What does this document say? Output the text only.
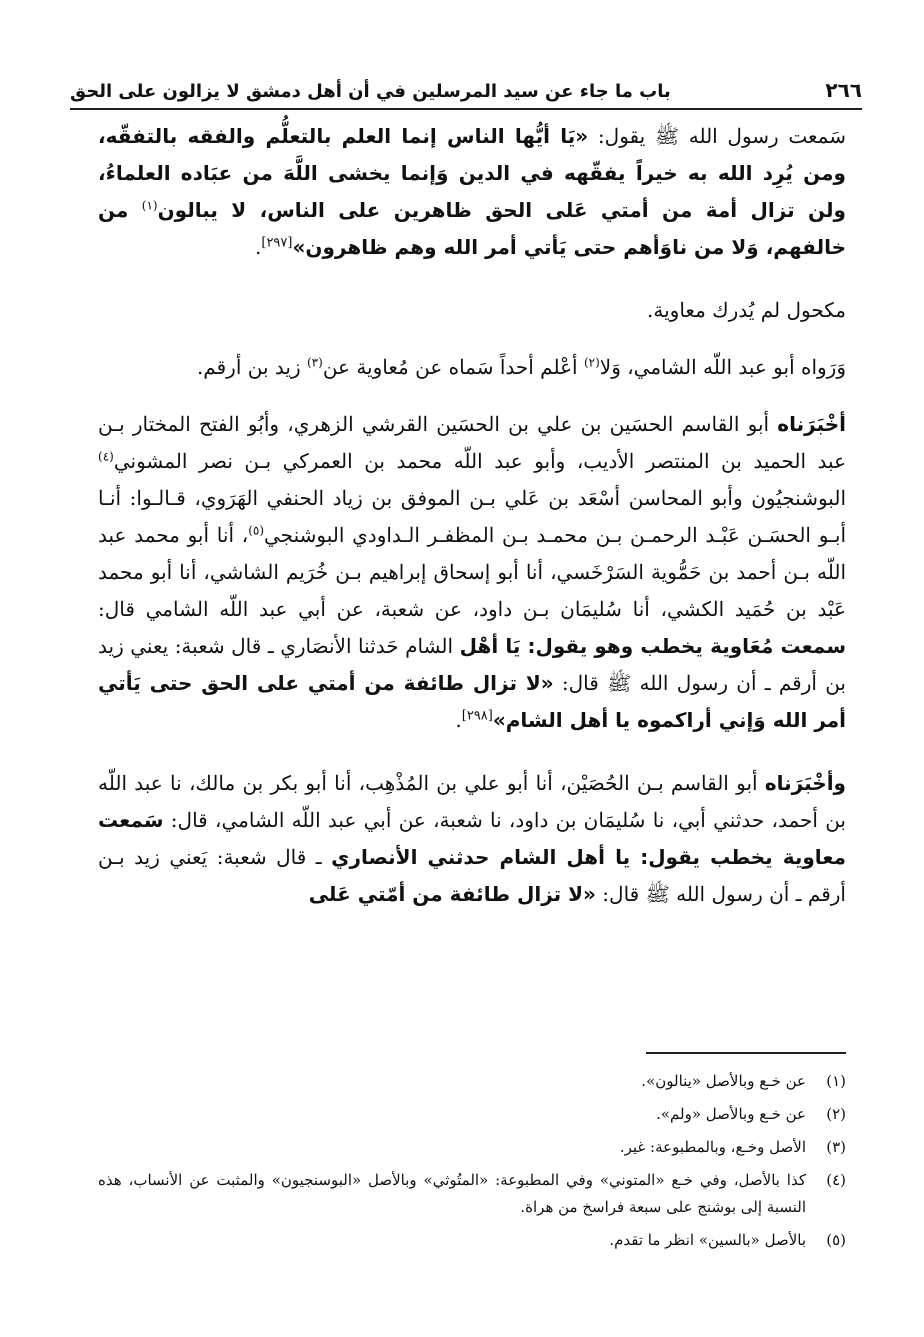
٢٦٦
باب ما جاء عن سيد المرسلين في أن أهل دمشق لا يزالون على الحق

سَمعت رسول الله ﷺ يقول: «يَا أيُّها الناس إنما العلم بالتعلُّم والفقه بالتفقّه، ومن يُرِد الله به خيراً يفقّهه في الدين وَإنما يخشى اللَّهَ من عبَاده العلماءُ، ولن تزال أمة من أمتي عَلى الحق ظاهرين على الناس، لا يبالون$^{(١)}$ من خالفهم، وَلا من ناوَأهم حتى يَأتي أمر الله وهم ظاهرون»[٢٩٧].

مكحول لم يُدرك معاوية.

وَرَواه أبو عبد اللّه الشامي، وَلا$^{(٢)}$ أعْلم أحداً سَماه عن مُعاوية عن$^{(٣)}$ زيد بن أرقم.

أخْبَرَناه أبو القاسم الحسَين بن علي بن الحسَين القرشي الزهري، وأبُو الفتح المختار بـن عبد الحميد بن المنتصر الأديب، وأبو عبد اللّه محمد بن العمركي بـن نصر المشوني$^{(٤)}$ البوشنجيُون وأبو المحاسن أسْعَد بن عَلي بـن الموفق بن زياد الحنفي الهَرَوي، قـالـوا: أنـا أبـو الحسَـن عَبْـد الرحمـن بـن محمـد بـن المظفـر الـداودي البوشنجي$^{(٥)}$، أنا أبو محمد عبد اللّه بـن أحمد بن حَمُّوية السَرْخَسي، أنا أبو إسحاق إبراهيم بـن خُرَيم الشاشي، أنا أبو محمد عَبْد بن حُمَيد الكشي، أنا سُليمَان بـن داود، عن شعبة، عن أبي عبد اللّه الشامي قال: سمعت مُعَاوية يخطب وهو يقول: يَا أهْل الشام حَدثنا الأنصَاري ـ قال شعبة: يعني زيد بن أرقم ـ أن رسول الله ﷺ قال: «لا تزال طائفة من أمتي على الحق حتى يَأتي أمر الله وَإني أراكموه يا أهل الشام»[٢٩٨].

وأخْبَرَناه أبو القاسم بـن الحُصَيْن، أنا أبو علي بن المُذْهِب، أنا أبو بكر بن مالك، نا عبد اللّه بن أحمد، حدثني أبي، نا سُليمَان بن داود، نا شعبة، عن أبي عبد اللّه الشامي، قال: سَمعت معاوية يخطب يقول: يا أهل الشام حدثني الأنصاري ـ قال شعبة: يَعني زيد بـن أرقم ـ أن رسول الله ﷺ قال: «لا تزال طائفة من أمّتي عَلى

(١)
عن خـع وبالأصل «ينالون».
(٢)
عن خـع وبالأصل «ولم».
(٣)
الأصل وخـع، وبالمطبوعة: غير.
(٤)
كذا بالأصل، وفي خـع «المتوني» وفي المطبوعة: «المتُوثي» وبالأصل «البوسنجيون» والمثبت عن الأنساب، هذه النسبة إلى بوشنج على سبعة فراسخ من هراة.
(٥)
بالأصل «بالسين» انظر ما تقدم.
